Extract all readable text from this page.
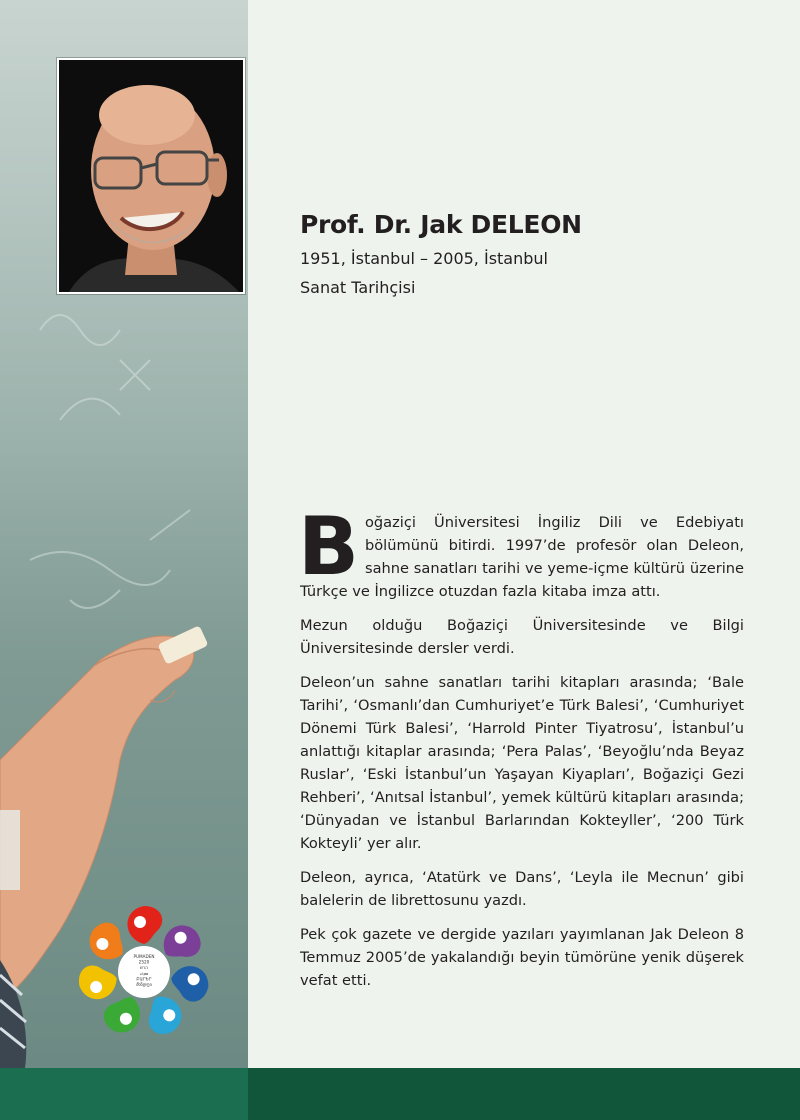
Prof. Dr. Jak DELEON
1951, İstanbul – 2005, İstanbul
Sanat Tarihçisi

Boğaziçi Üniversitesi İngiliz Dili ve Edebiyatı bölümünü bitirdi. 1997’de profesör olan Deleon, sahne sanatları tarihi ve yeme-içme kültürü üzerine Türkçe ve İngilizce otuzdan fazla kitaba imza attı.

Mezun olduğu Boğaziçi Üniversitesinde ve Bilgi Üniversitesinde dersler verdi.

Deleon’un sahne sanatları tarihi kitapları arasında; ‘Bale Tarihi’, ‘Osmanlı’dan Cumhuriyet’e Türk Balesi’, ‘Cumhuriyet Dönemi Türk Balesi’, ‘Harrold Pinter Tiyatrosu’, İstanbul’u anlattığı kitaplar arasında; ‘Pera Palas’, ‘Beyoğlu’nda Beyaz Ruslar’, ‘Eski İstanbul’un Yaşayan Kiyapları’, Boğaziçi Gezi Rehberi’, ‘Anıtsal İstanbul’, yemek kültürü kitapları arasında; ‘Dünyadan ve İstanbul Barlarından Kokteyller’, ‘200 Türk Kokteyli’ yer alır.

Deleon, ayrıca, ‘Atatürk ve Dans’, ‘Leyla ile Mecnun’ gibi balelerin de librettosunu yazdı.

Pek çok gazete ve dergide yazıları yayımlanan Jak Deleon 8 Temmuz 2005’de yakalandığı beyin tümörüne yenik düşerek vefat etti.

PUMADEN
2520
הרש
ⲁⲗⲟⲟ
ԲԱՐԵՐ
ბსნდფი
